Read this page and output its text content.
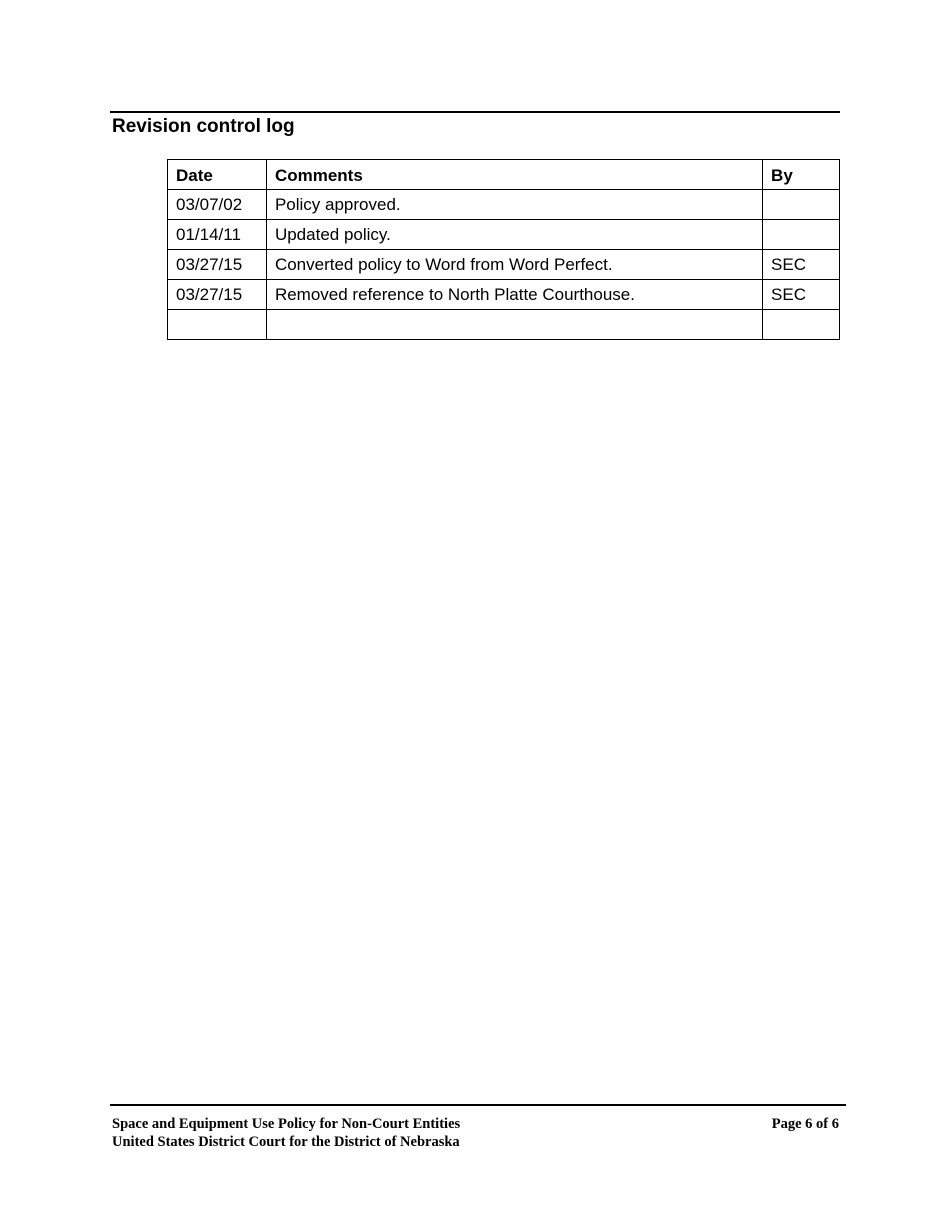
Revision control log
Date	Comments	By
03/07/02	Policy approved.	
01/14/11	Updated policy.	
03/27/15	Converted policy to Word from Word Perfect.	SEC
03/27/15	Removed reference to North Platte Courthouse.	SEC

Space and Equipment Use Policy for Non-Court Entities
United States District Court for the District of Nebraska
Page 6 of 6
